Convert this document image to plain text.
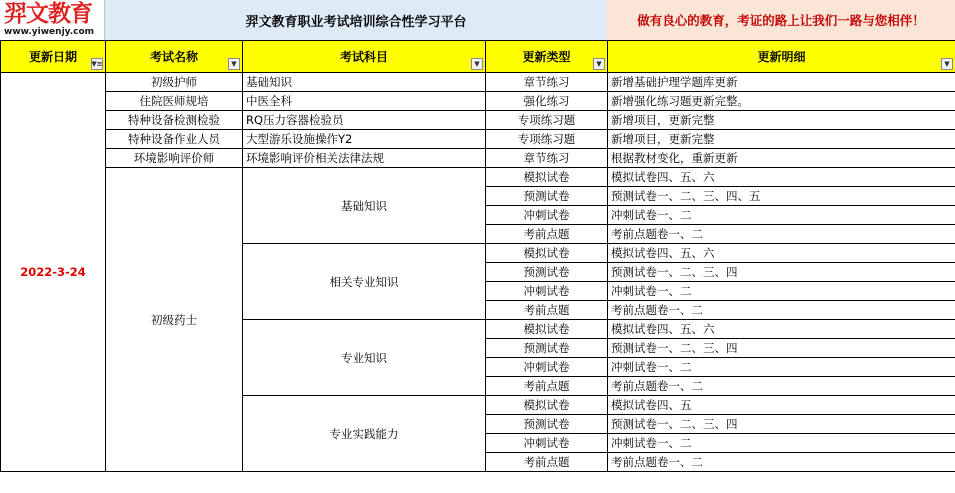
羿文教育
www.yiwenjy.com
羿文教育职业考试培训综合性学习平台	做有良心的教育，考证的路上让我们一路与您相伴！
更新日期 ▼≡	考试名称 ▼	考试科目 ▼	更新类型 ▼	更新明细 ▼

2022-3-24	初级护师	基础知识	章节练习	新增基础护理学题库更新
	住院医师规培	中医全科	强化练习	新增强化练习题更新完整。
	特种设备检测检验	RQ压力容器检验员	专项练习题	新增项目，更新完整
	特种设备作业人员	大型游乐设施操作Y2	专项练习题	新增项目，更新完整
	环境影响评价师	环境影响评价相关法律法规	章节练习	根据教材变化，重新更新
	初级药士	基础知识	模拟试卷	模拟试卷四、五、六
			预测试卷	预测试卷一、二、三、四、五
			冲刺试卷	冲刺试卷一、二
			考前点题	考前点题卷一、二
		相关专业知识	模拟试卷	模拟试卷四、五、六
			预测试卷	预测试卷一、二、三、四
			冲刺试卷	冲刺试卷一、二
			考前点题	考前点题卷一、二
		专业知识	模拟试卷	模拟试卷四、五、六
			预测试卷	预测试卷一、二、三、四
			冲刺试卷	冲刺试卷一、二
			考前点题	考前点题卷一、二
		专业实践能力	模拟试卷	模拟试卷四、五
			预测试卷	预测试卷一、二、三、四
			冲刺试卷	冲刺试卷一、二
			考前点题	考前点题卷一、二
